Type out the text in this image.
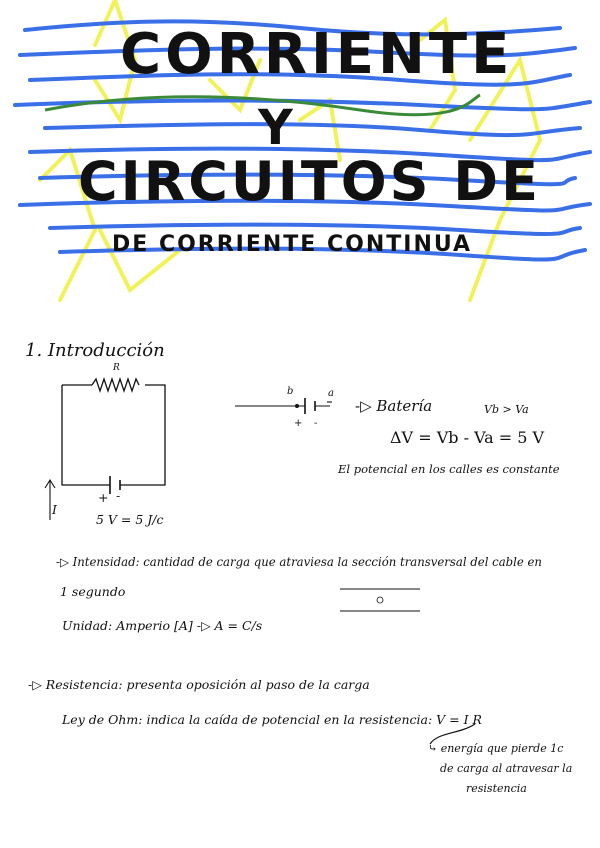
CORRIENTE
Y
CIRCUITOS DE
DE CORRIENTE CONTINUA
1. Introducción
R
+ -
I
5 V = 5 J/c
b	a
+ -
-▷ Batería	Vb > Va
ΔV = Vb - Va = 5 V
El potencial en los calles es constante
-▷ Intensidad: cantidad de carga que atraviesa la sección transversal del cable en
1 segundo
Unidad: Amperio [A] -▷ A = C/s
-▷ Resistencia: presenta oposición al paso de la carga
Ley de Ohm: indica la caída de potencial en la resistencia: V = I R
⤷ energía que pierde 1c
de carga al atravesar la
resistencia
